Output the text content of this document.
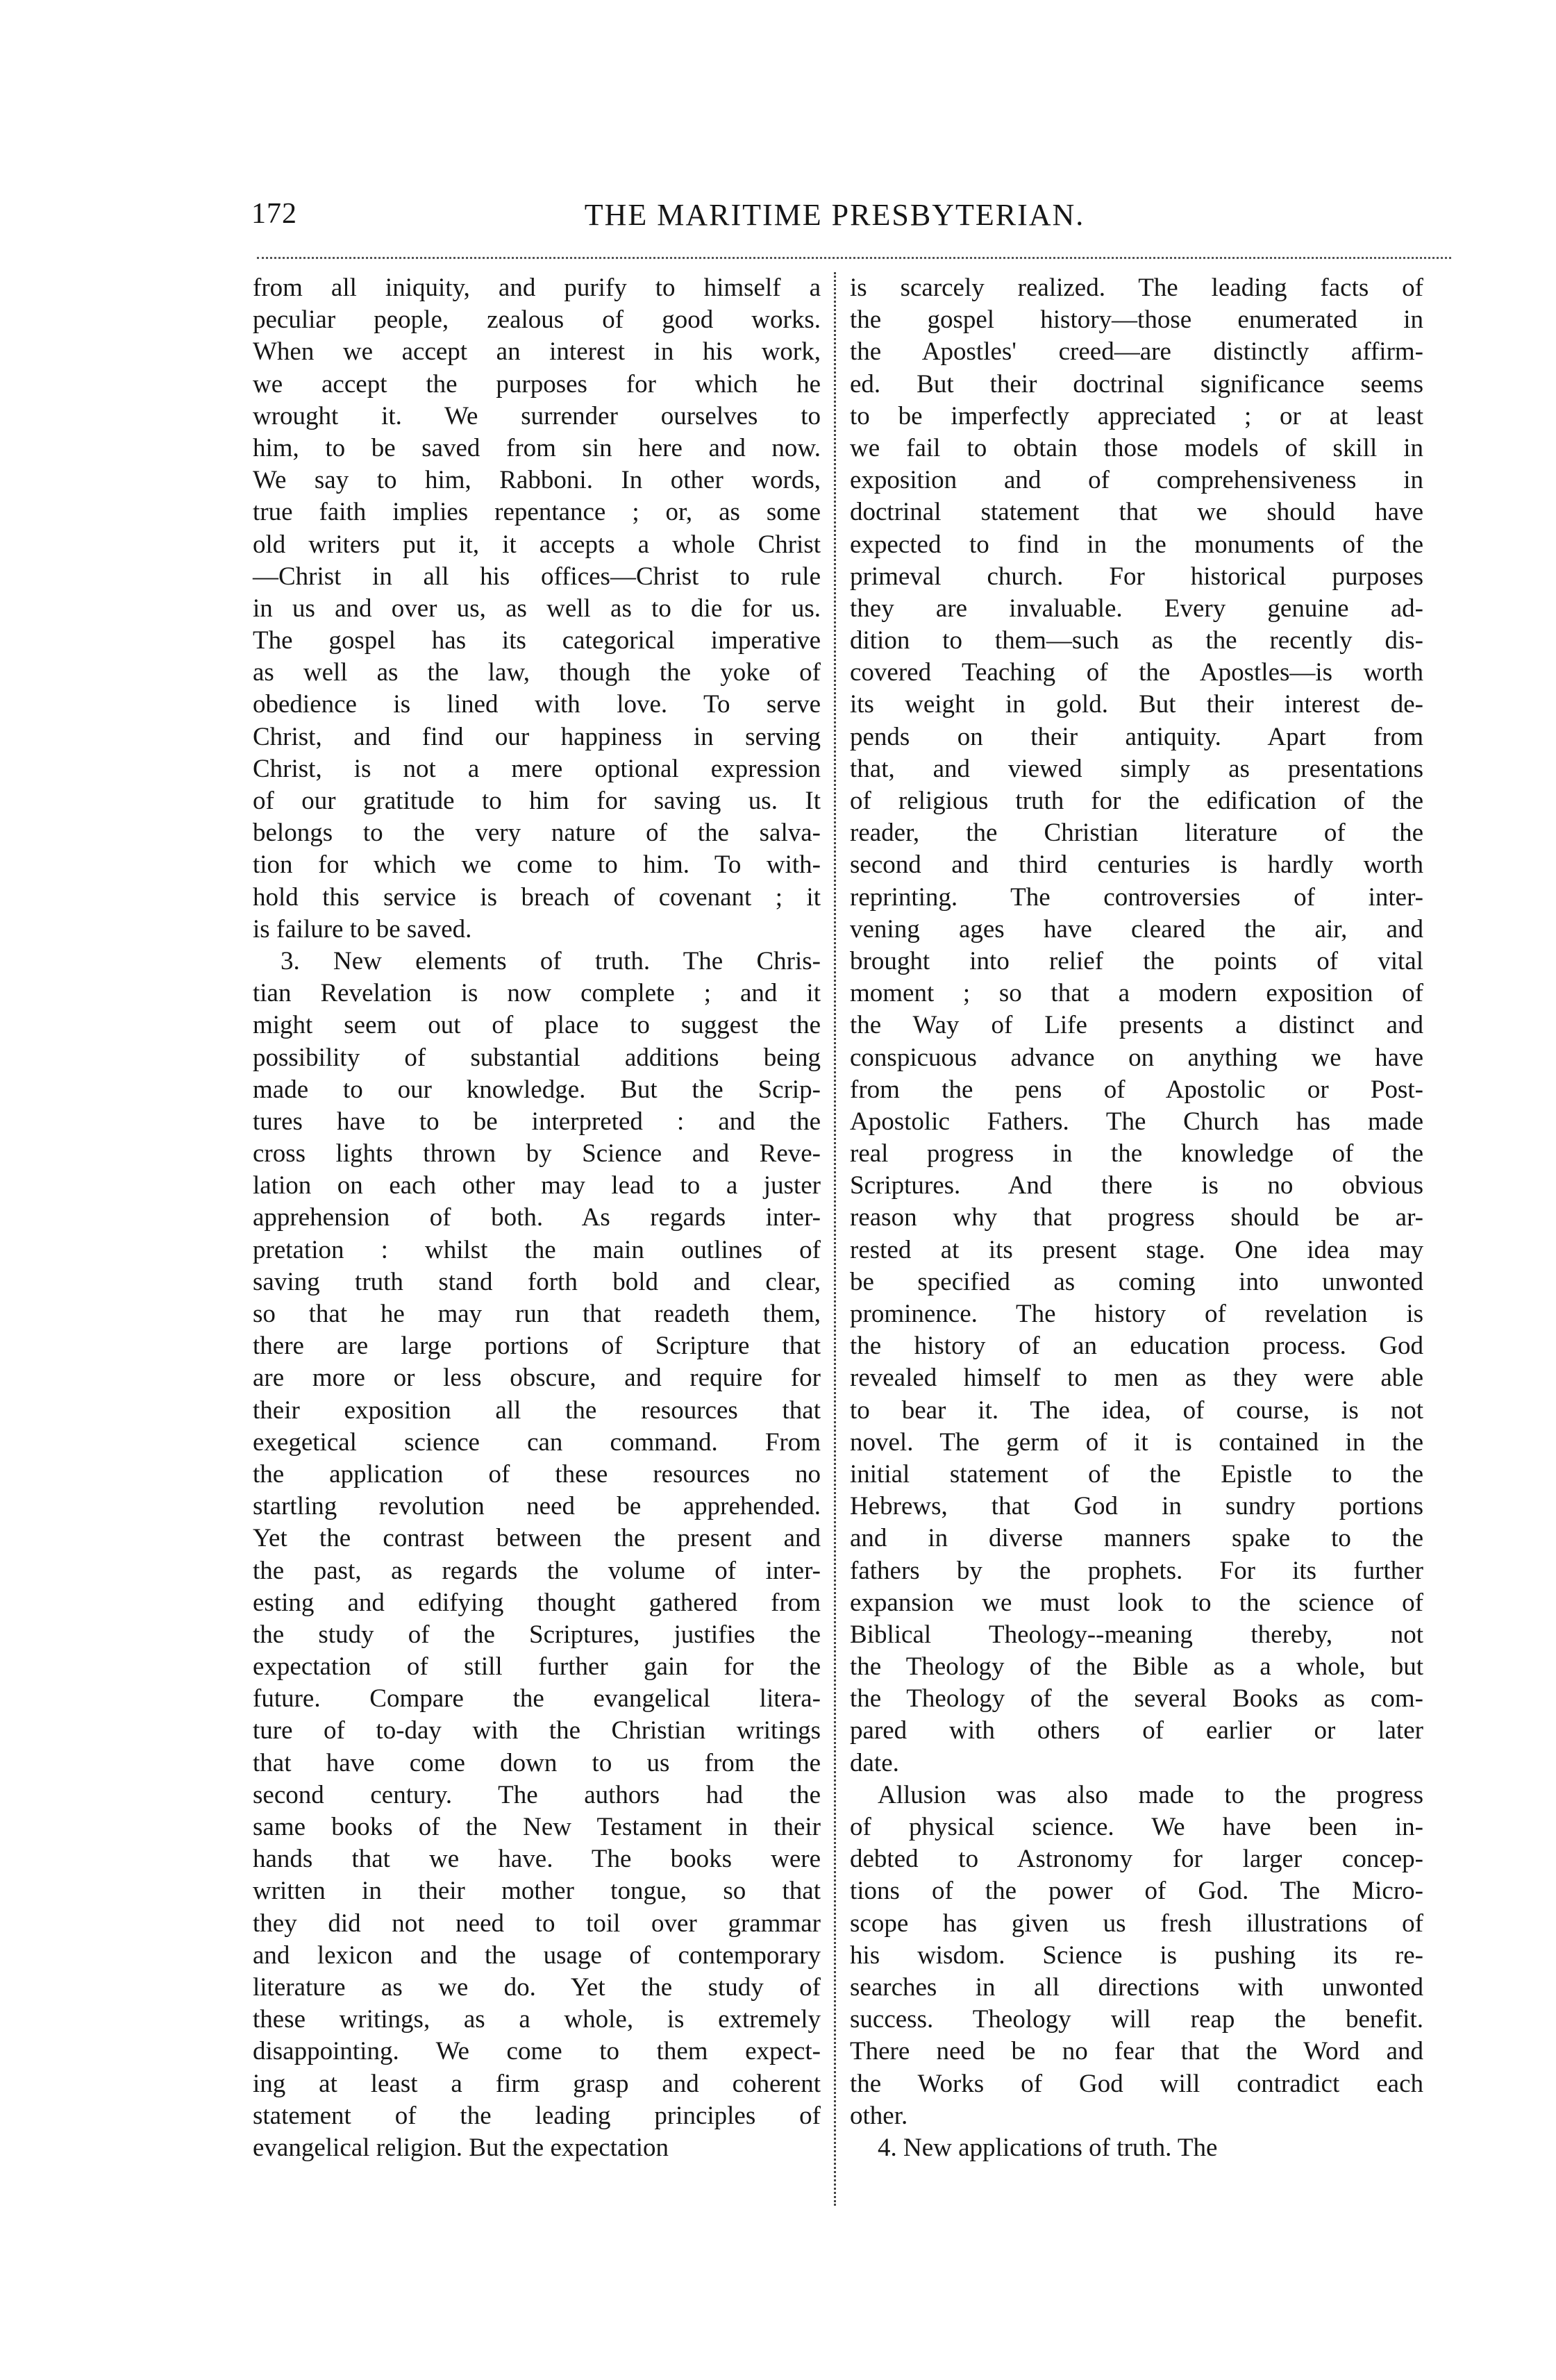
172	THE MARITIME PRESBYTERIAN.
from all iniquity, and purify to himself a
peculiar people, zealous of good works.
When we accept an interest in his work,
we accept the purposes for which he
wrought it. We surrender ourselves to
him, to be saved from sin here and now.
We say to him, Rabboni. In other words,
true faith implies repentance ; or, as some
old writers put it, it accepts a whole Christ
—Christ in all his offices—Christ to rule
in us and over us, as well as to die for us.
The gospel has its categorical imperative
as well as the law, though the yoke of
obedience is lined with love. To serve
Christ, and find our happiness in serving
Christ, is not a mere optional expression
of our gratitude to him for saving us. It
belongs to the very nature of the salva-
tion for which we come to him. To with-
hold this service is breach of covenant ; it
is failure to be saved.
3. New elements of truth. The Chris-
tian Revelation is now complete ; and it
might seem out of place to suggest the
possibility of substantial additions being
made to our knowledge. But the Scrip-
tures have to be interpreted : and the
cross lights thrown by Science and Reve-
lation on each other may lead to a juster
apprehension of both. As regards inter-
pretation : whilst the main outlines of
saving truth stand forth bold and clear,
so that he may run that readeth them,
there are large portions of Scripture that
are more or less obscure, and require for
their exposition all the resources that
exegetical science can command. From
the application of these resources no
startling revolution need be apprehended.
Yet the contrast between the present and
the past, as regards the volume of inter-
esting and edifying thought gathered from
the study of the Scriptures, justifies the
expectation of still further gain for the
future. Compare the evangelical litera-
ture of to-day with the Christian writings
that have come down to us from the
second century. The authors had the
same books of the New Testament in their
hands that we have. The books were
written in their mother tongue, so that
they did not need to toil over grammar
and lexicon and the usage of contemporary
literature as we do. Yet the study of
these writings, as a whole, is extremely
disappointing. We come to them expect-
ing at least a firm grasp and coherent
statement of the leading principles of
evangelical religion. But the expectation
is scarcely realized. The leading facts of
the gospel history—those enumerated in
the Apostles' creed—are distinctly affirm-
ed. But their doctrinal significance seems
to be imperfectly appreciated ; or at least
we fail to obtain those models of skill in
exposition and of comprehensiveness in
doctrinal statement that we should have
expected to find in the monuments of the
primeval church. For historical purposes
they are invaluable. Every genuine ad-
dition to them—such as the recently dis-
covered Teaching of the Apostles—is worth
its weight in gold. But their interest de-
pends on their antiquity. Apart from
that, and viewed simply as presentations
of religious truth for the edification of the
reader, the Christian literature of the
second and third centuries is hardly worth
reprinting. The controversies of inter-
vening ages have cleared the air, and
brought into relief the points of vital
moment ; so that a modern exposition of
the Way of Life presents a distinct and
conspicuous advance on anything we have
from the pens of Apostolic or Post-
Apostolic Fathers. The Church has made
real progress in the knowledge of the
Scriptures. And there is no obvious
reason why that progress should be ar-
rested at its present stage. One idea may
be specified as coming into unwonted
prominence. The history of revelation is
the history of an education process. God
revealed himself to men as they were able
to bear it. The idea, of course, is not
novel. The germ of it is contained in the
initial statement of the Epistle to the
Hebrews, that God in sundry portions
and in diverse manners spake to the
fathers by the prophets. For its further
expansion we must look to the science of
Biblical Theology--meaning thereby, not
the Theology of the Bible as a whole, but
the Theology of the several Books as com-
pared with others of earlier or later
date.
Allusion was also made to the progress
of physical science. We have been in-
debted to Astronomy for larger concep-
tions of the power of God. The Micro-
scope has given us fresh illustrations of
his wisdom. Science is pushing its re-
searches in all directions with unwonted
success. Theology will reap the benefit.
There need be no fear that the Word and
the Works of God will contradict each
other.
4. New applications of truth. The
